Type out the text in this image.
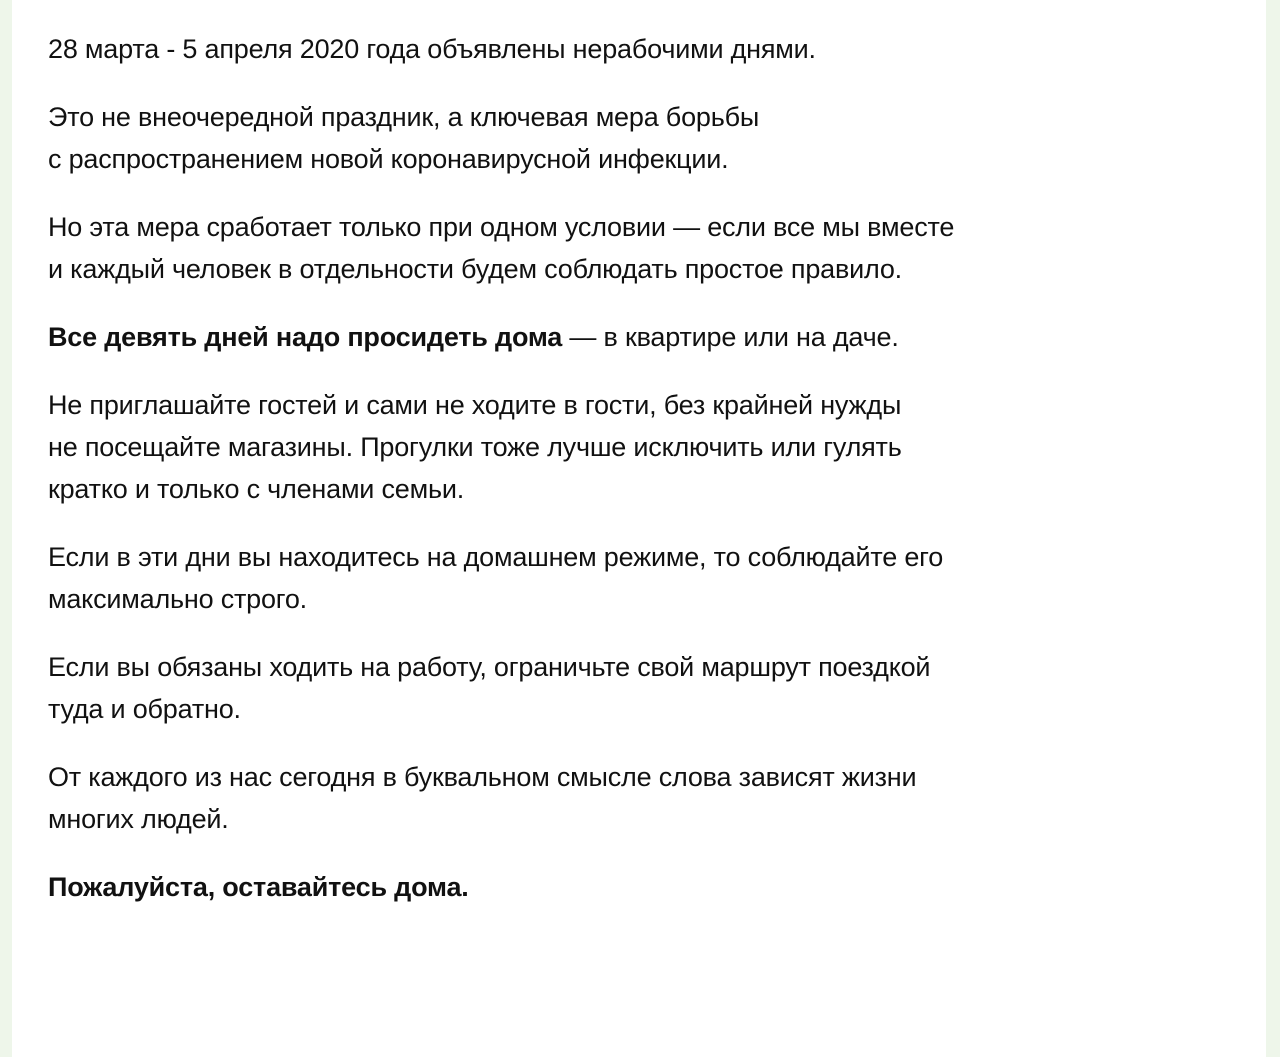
28 марта - 5 апреля 2020 года объявлены нерабочими днями.

Это не внеочередной праздник, а ключевая мера борьбы
с распространением новой коронавирусной инфекции.

Но эта мера сработает только при одном условии — если все мы вместе
и каждый человек в отдельности будем соблюдать простое правило.

Все девять дней надо просидеть дома — в квартире или на даче.

Не приглашайте гостей и сами не ходите в гости, без крайней нужды
не посещайте магазины. Прогулки тоже лучше исключить или гулять
кратко и только с членами семьи.

Если в эти дни вы находитесь на домашнем режиме, то соблюдайте его
максимально строго.

Если вы обязаны ходить на работу, ограничьте свой маршрут поездкой
туда и обратно.

От каждого из нас сегодня в буквальном смысле слова зависят жизни
многих людей.

Пожалуйста, оставайтесь дома.
